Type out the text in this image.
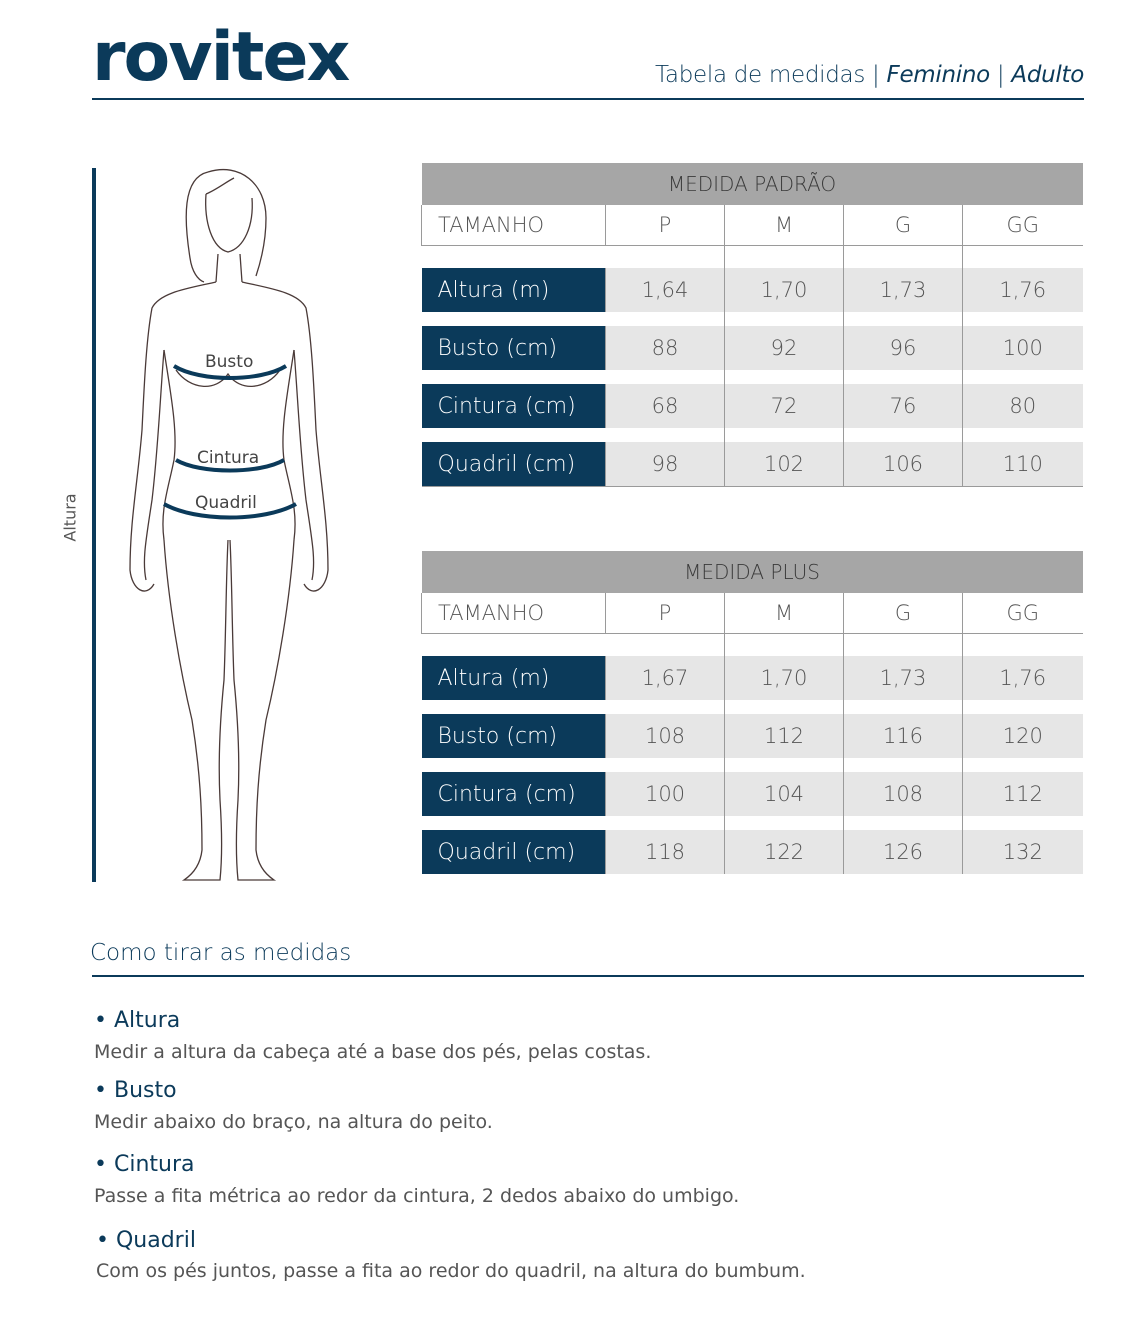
rovitex	Tabela de medidas | Feminino | Adulto
Altura
Busto
Cintura
Quadril
MEDIDA PADRÃO				
TAMANHO	P	M	G	GG

Altura (m)	1,64	1,70	1,73	1,76

Busto (cm)	88	92	96	100

Cintura (cm)	68	72	76	80

Quadril (cm)	98	102	106	110
MEDIDA PLUS				
TAMANHO	P	M	G	GG

Altura (m)	1,67	1,70	1,73	1,76

Busto (cm)	108	112	116	120

Cintura (cm)	100	104	108	112

Quadril (cm)	118	122	126	132
Como tirar as medidas
• Altura
Medir a altura da cabeça até a base dos pés, pelas costas.
• Busto
Medir abaixo do braço, na altura do peito.
• Cintura
Passe a fita métrica ao redor da cintura, 2 dedos abaixo do umbigo.
• Quadril
Com os pés juntos, passe a fita ao redor do quadril, na altura do bumbum.
